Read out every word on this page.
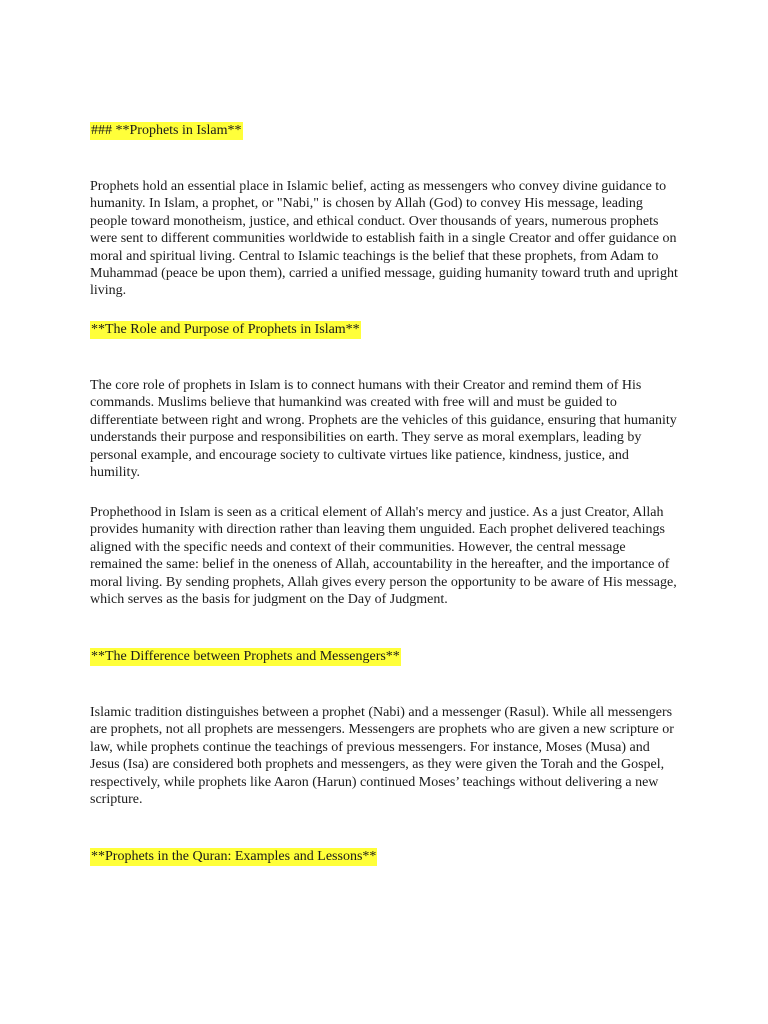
### **Prophets in Islam**

Prophets hold an essential place in Islamic belief, acting as messengers who convey divine guidance to humanity. In Islam, a prophet, or "Nabi," is chosen by Allah (God) to convey His message, leading people toward monotheism, justice, and ethical conduct. Over thousands of years, numerous prophets were sent to different communities worldwide to establish faith in a single Creator and offer guidance on moral and spiritual living. Central to Islamic teachings is the belief that these prophets, from Adam to Muhammad (peace be upon them), carried a unified message, guiding humanity toward truth and upright living.

**The Role and Purpose of Prophets in Islam**

The core role of prophets in Islam is to connect humans with their Creator and remind them of His commands. Muslims believe that humankind was created with free will and must be guided to differentiate between right and wrong. Prophets are the vehicles of this guidance, ensuring that humanity understands their purpose and responsibilities on earth. They serve as moral exemplars, leading by personal example, and encourage society to cultivate virtues like patience, kindness, justice, and humility.

Prophethood in Islam is seen as a critical element of Allah's mercy and justice. As a just Creator, Allah provides humanity with direction rather than leaving them unguided. Each prophet delivered teachings aligned with the specific needs and context of their communities. However, the central message remained the same: belief in the oneness of Allah, accountability in the hereafter, and the importance of moral living. By sending prophets, Allah gives every person the opportunity to be aware of His message, which serves as the basis for judgment on the Day of Judgment.

**The Difference between Prophets and Messengers**

Islamic tradition distinguishes between a prophet (Nabi) and a messenger (Rasul). While all messengers are prophets, not all prophets are messengers. Messengers are prophets who are given a new scripture or law, while prophets continue the teachings of previous messengers. For instance, Moses (Musa) and Jesus (Isa) are considered both prophets and messengers, as they were given the Torah and the Gospel, respectively, while prophets like Aaron (Harun) continued Moses’ teachings without delivering a new scripture.

**Prophets in the Quran: Examples and Lessons**
